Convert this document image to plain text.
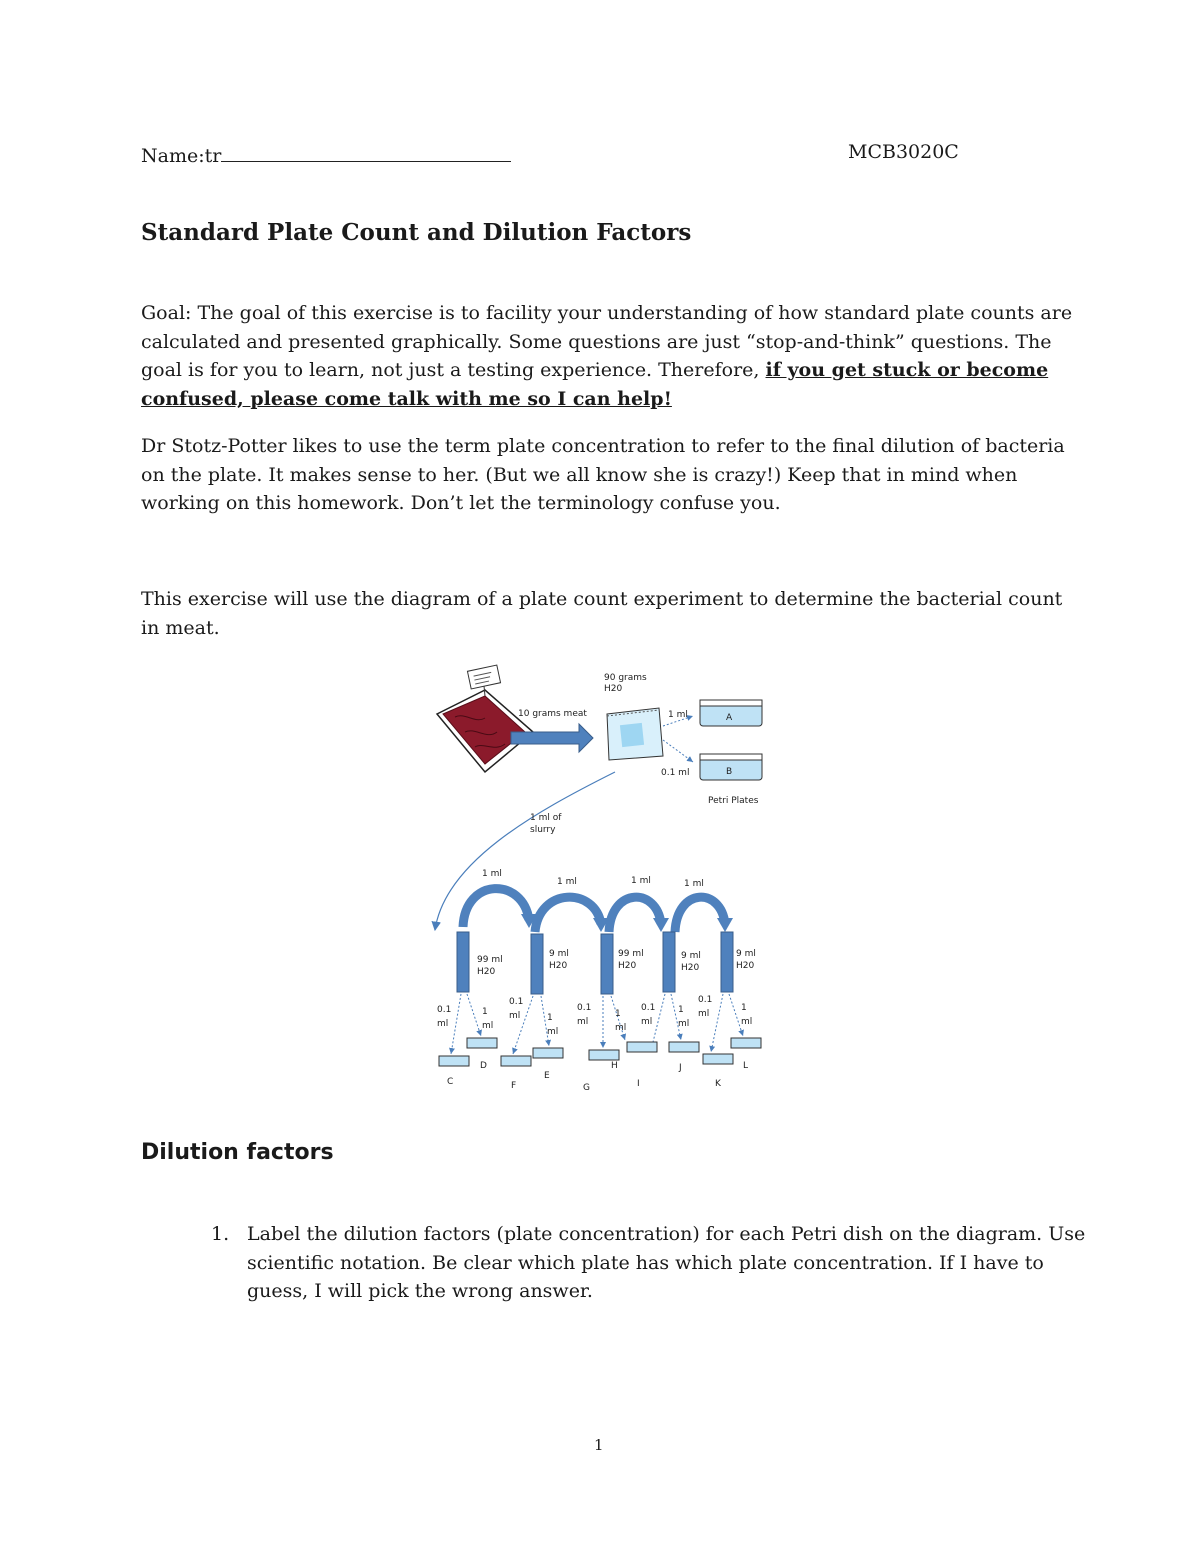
Name:tr	MCB3020C
Standard Plate Count and Dilution Factors
Goal: The goal of this exercise is to facility your understanding of how standard plate counts are calculated and presented graphically. Some questions are just “stop-and-think” questions. The goal is for you to learn, not just a testing experience. Therefore, if you get stuck or become confused, please come talk with me so I can help!
Dr Stotz-Potter likes to use the term plate concentration to refer to the final dilution of bacteria on the plate. It makes sense to her. (But we all know she is crazy!) Keep that in mind when working on this homework. Don’t let the terminology confuse you.
This exercise will use the diagram of a plate count experiment to determine the bacterial count in meat.
10 grams meat
90 grams
H20
1 ml
0.1 ml
A
B
Petri Plates
1 ml of
slurry
1 ml
1 ml	1 ml	1 ml
99 ml
H20
9 ml
H20
99 ml
H20
9 ml
H20
9 ml
H20
0.1
ml
1
ml
0.1
ml	1
ml
0.1
ml
1
ml
0.1
ml
1
ml
0.1
ml
1
ml
C
D
F
E
G
H
I
J
K
L
Dilution factors
1. Label the dilution factors (plate concentration) for each Petri dish on the diagram. Use scientific notation. Be clear which plate has which plate concentration. If I have to guess, I will pick the wrong answer.
1
